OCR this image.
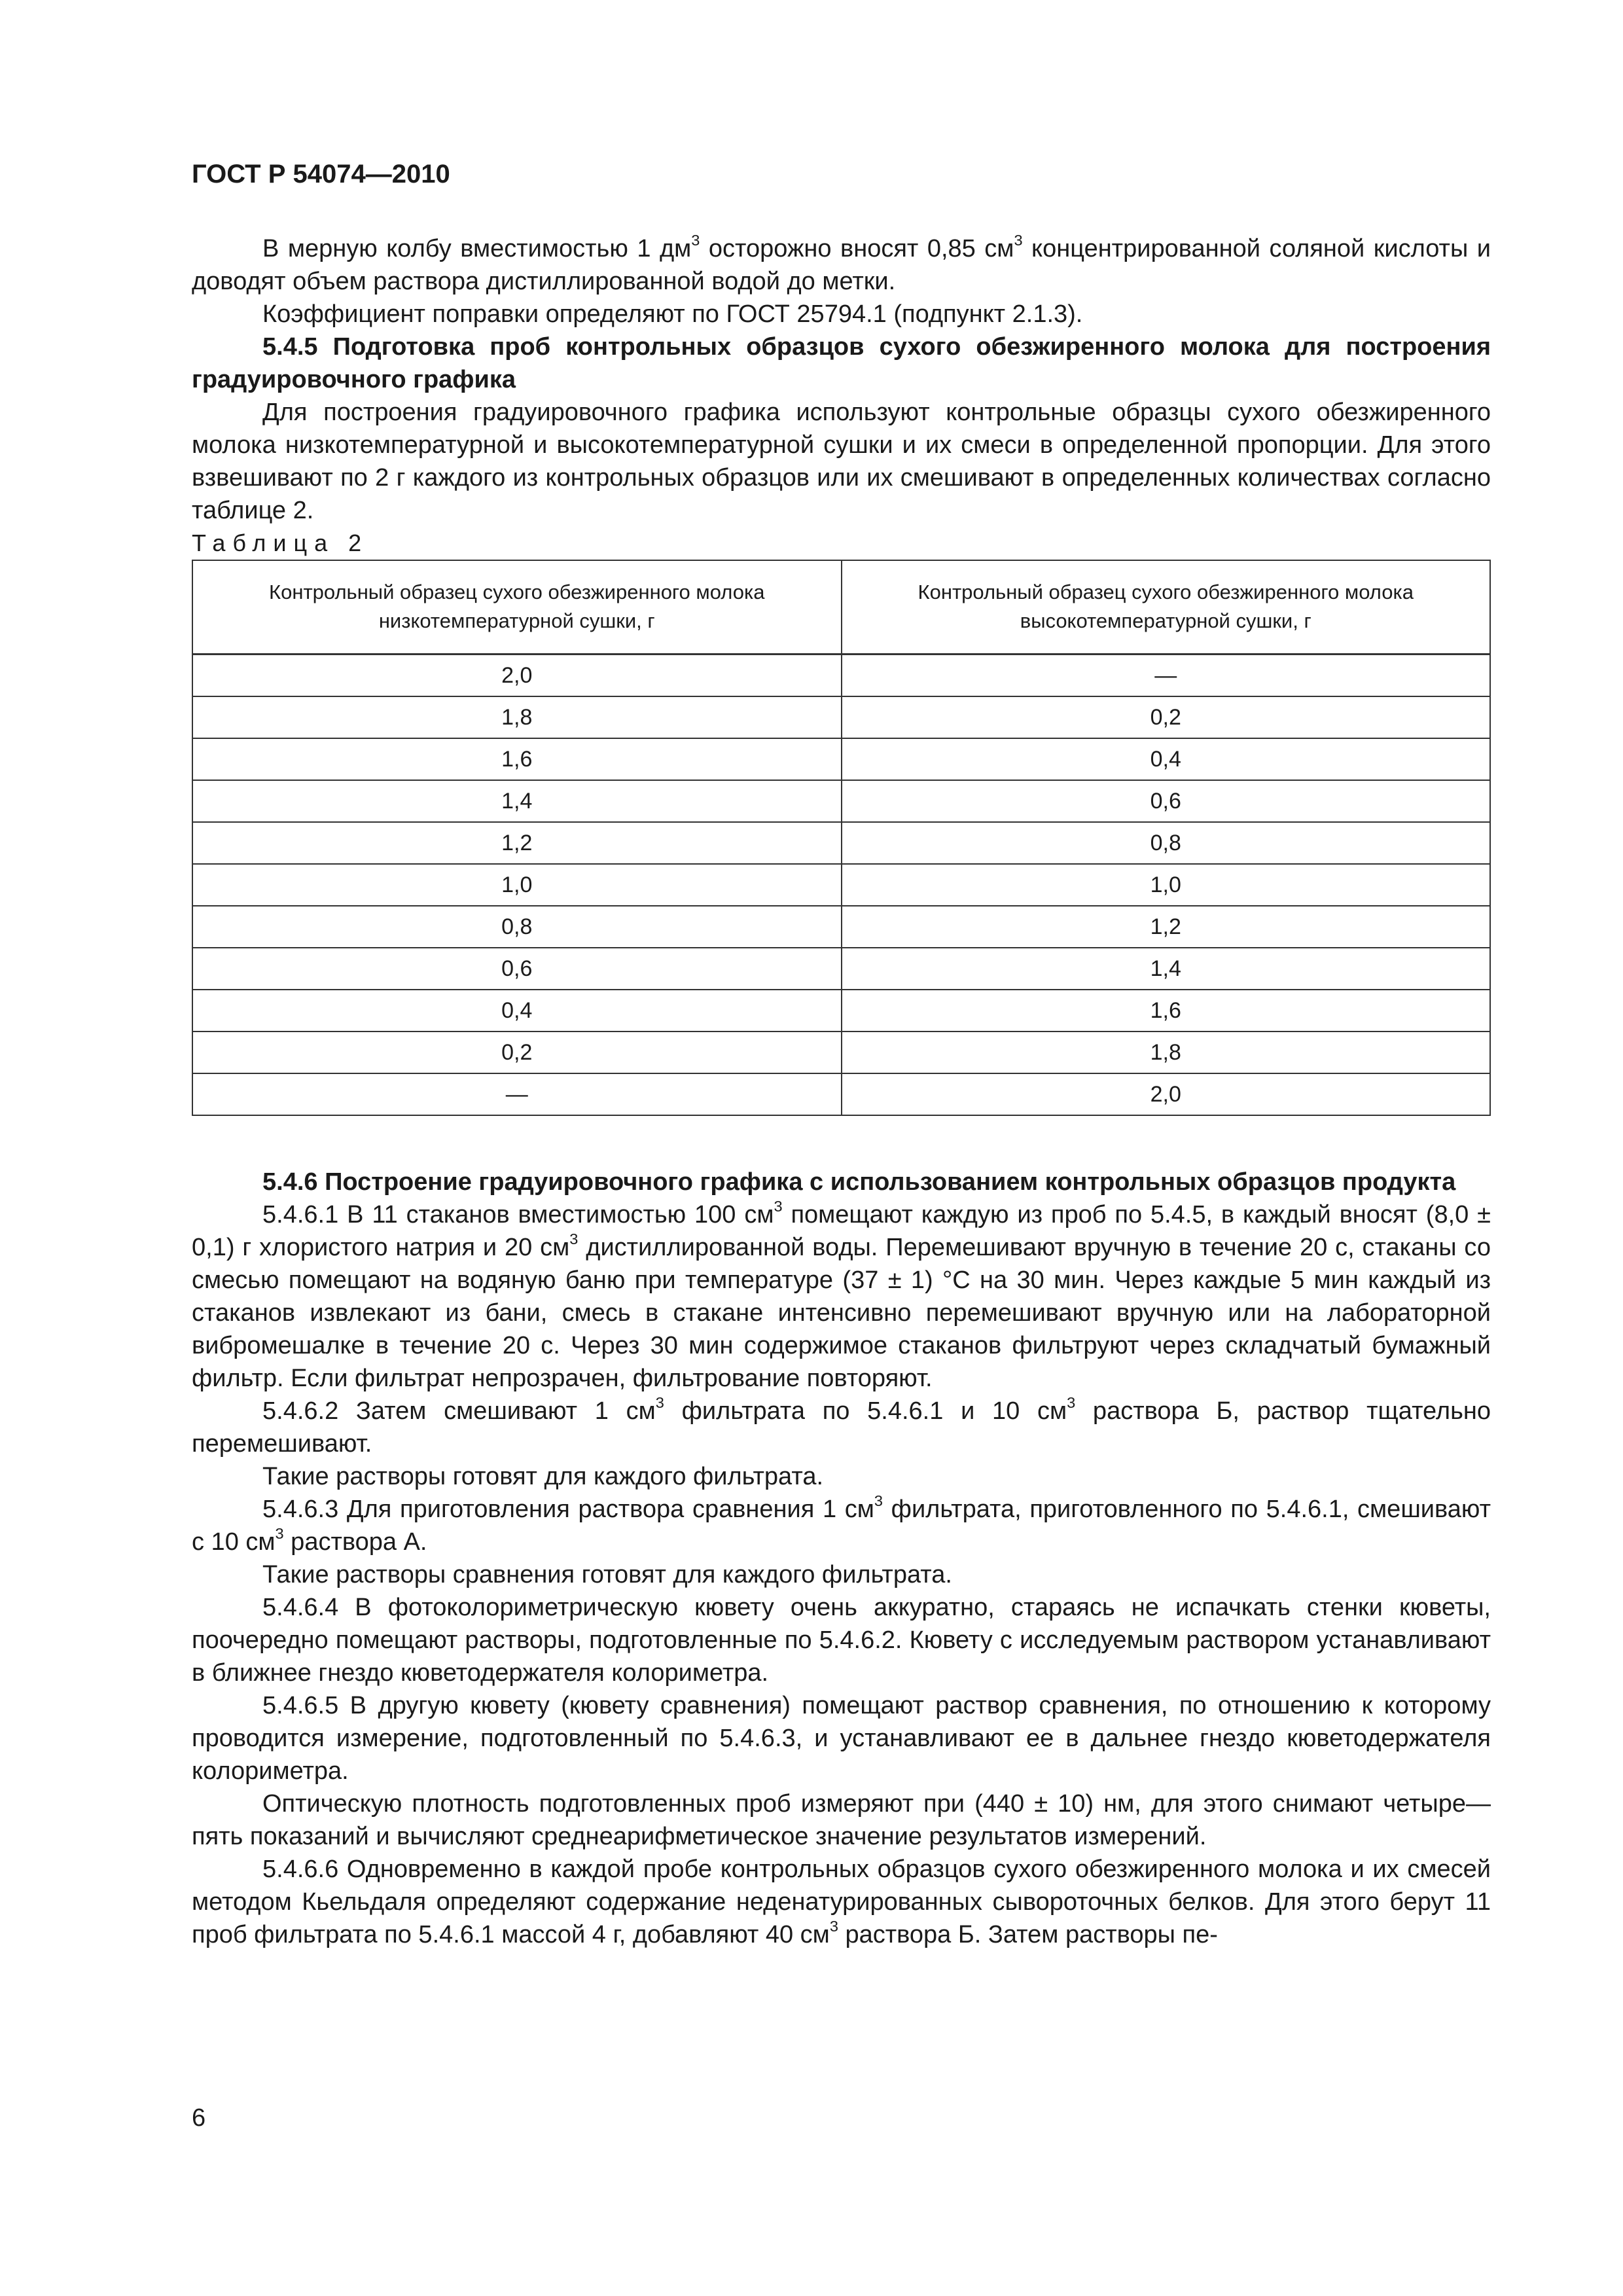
ГОСТ Р 54074—2010

В мерную колбу вместимостью 1 $дм^3$ осторожно вносят 0,85 $см^3$ концентрированной соляной кислоты и доводят объем раствора дистиллированной водой до метки.

Коэффициент поправки определяют по ГОСТ 25794.1 (подпункт 2.1.3).

5.4.5 Подготовка проб контрольных образцов сухого обезжиренного молока для построения градуировочного графика

Для построения градуировочного графика используют контрольные образцы сухого обезжиренного молока низкотемпературной и высокотемпературной сушки и их смеси в определенной пропорции. Для этого взвешивают по 2 г каждого из контрольных образцов или их смешивают в определенных количествах согласно таблице 2.

Таблица 2

Контрольный образец сухого обезжиренного молока низкотемпературной сушки, г	Контрольный образец сухого обезжиренного молока высокотемпературной сушки, г
2,0	—
1,8	0,2
1,6	0,4
1,4	0,6
1,2	0,8
1,0	1,0
0,8	1,2
0,6	1,4
0,4	1,6
0,2	1,8
—	2,0

5.4.6 Построение градуировочного графика с использованием контрольных образцов продукта

5.4.6.1 В 11 стаканов вместимостью 100 $см^3$ помещают каждую из проб по 5.4.5, в каждый вносят (8,0 ± 0,1) г хлористого натрия и 20 $см^3$ дистиллированной воды. Перемешивают вручную в течение 20 с, стаканы со смесью помещают на водяную баню при температуре (37 ± 1) °С на 30 мин. Через каждые 5 мин каждый из стаканов извлекают из бани, смесь в стакане интенсивно перемешивают вручную или на лабораторной вибромешалке в течение 20 с. Через 30 мин содержимое стаканов фильтруют через складчатый бумажный фильтр. Если фильтрат непрозрачен, фильтрование повторяют.

5.4.6.2 Затем смешивают 1 $см^3$ фильтрата по 5.4.6.1 и 10 $см^3$ раствора Б, раствор тщательно перемешивают.

Такие растворы готовят для каждого фильтрата.

5.4.6.3 Для приготовления раствора сравнения 1 $см^3$ фильтрата, приготовленного по 5.4.6.1, смешивают с 10 $см^3$ раствора А.

Такие растворы сравнения готовят для каждого фильтрата.

5.4.6.4 В фотоколориметрическую кювету очень аккуратно, стараясь не испачкать стенки кюветы, поочередно помещают растворы, подготовленные по 5.4.6.2. Кювету с исследуемым раствором устанавливают в ближнее гнездо кюветодержателя колориметра.

5.4.6.5 В другую кювету (кювету сравнения) помещают раствор сравнения, по отношению к которому проводится измерение, подготовленный по 5.4.6.3, и устанавливают ее в дальнее гнездо кюветодержателя колориметра.

Оптическую плотность подготовленных проб измеряют при (440 ± 10) нм, для этого снимают четыре—пять показаний и вычисляют среднеарифметическое значение результатов измерений.

5.4.6.6 Одновременно в каждой пробе контрольных образцов сухого обезжиренного молока и их смесей методом Кьельдаля определяют содержание неденатурированных сывороточных белков. Для этого берут 11 проб фильтрата по 5.4.6.1 массой 4 г, добавляют 40 $см^3$ раствора Б. Затем растворы пе-

6
